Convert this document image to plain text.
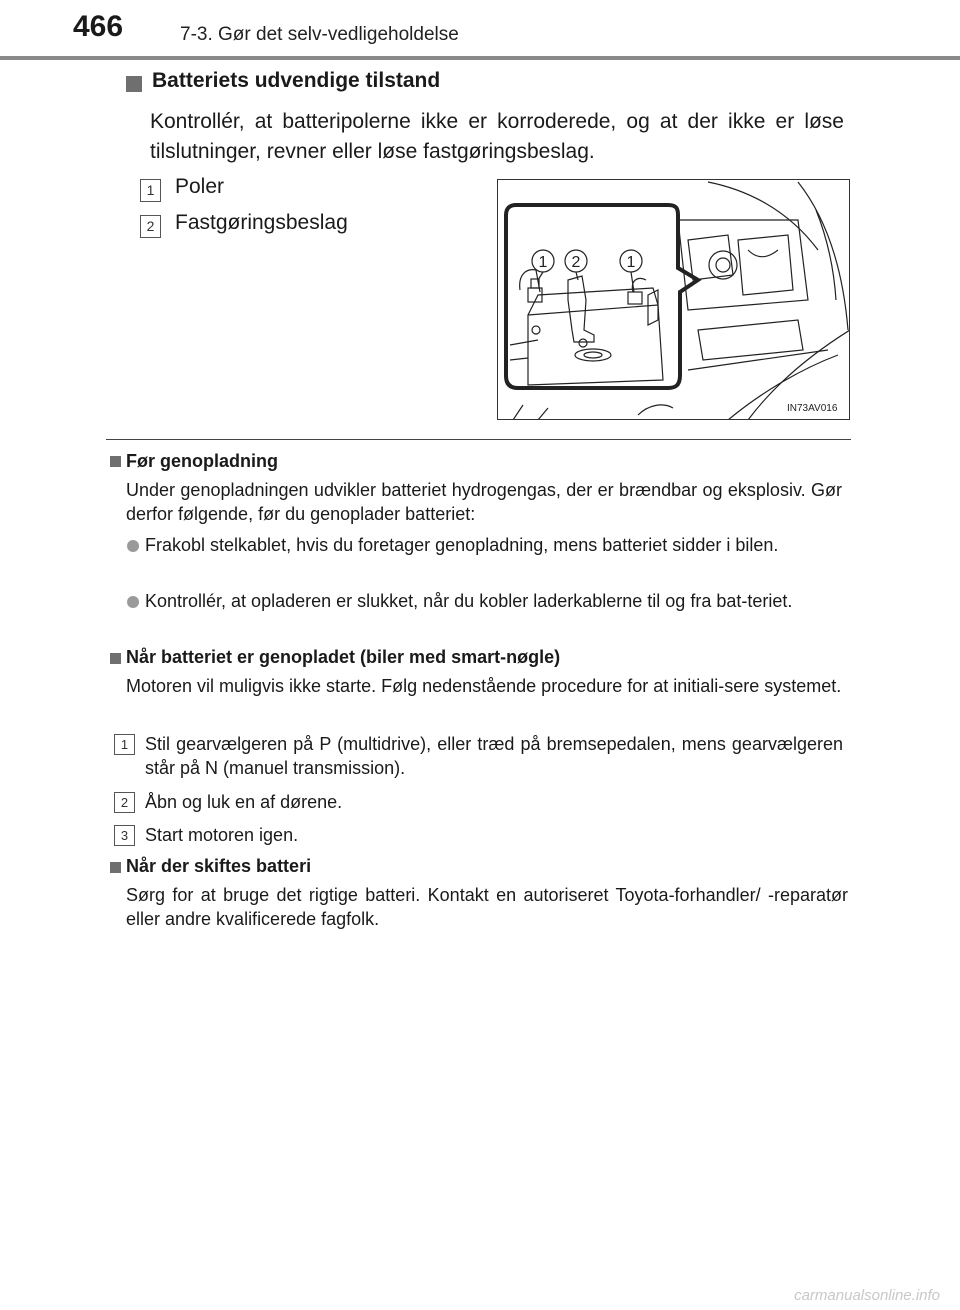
466	7-3. Gør det selv-vedligeholdelse
Batteriets udvendige tilstand
Kontrollér, at batteripolerne ikke er korroderede, og at der ikke er løse tilslutninger, revner eller løse fastgøringsbeslag.
1 Poler
2 Fastgøringsbeslag
1 2	1
IN73AV016
Før genopladning
Under genopladningen udvikler batteriet hydrogengas, der er brændbar og eksplosiv. Gør derfor følgende, før du genoplader batteriet:
Frakobl stelkablet, hvis du foretager genopladning, mens batteriet sidder i bilen.
Kontrollér, at opladeren er slukket, når du kobler laderkablerne til og fra bat-teriet.
Når batteriet er genopladet (biler med smart-nøgle)
Motoren vil muligvis ikke starte. Følg nedenstående procedure for at initiali-sere systemet.
1 Stil gearvælgeren på P (multidrive), eller træd på bremsepedalen, mens gearvælgeren står på N (manuel transmission).
2 Åbn og luk en af dørene.
3 Start motoren igen.
Når der skiftes batteri
Sørg for at bruge det rigtige batteri. Kontakt en autoriseret Toyota-forhandler/ -reparatør eller andre kvalificerede fagfolk.
carmanualsonline.info
